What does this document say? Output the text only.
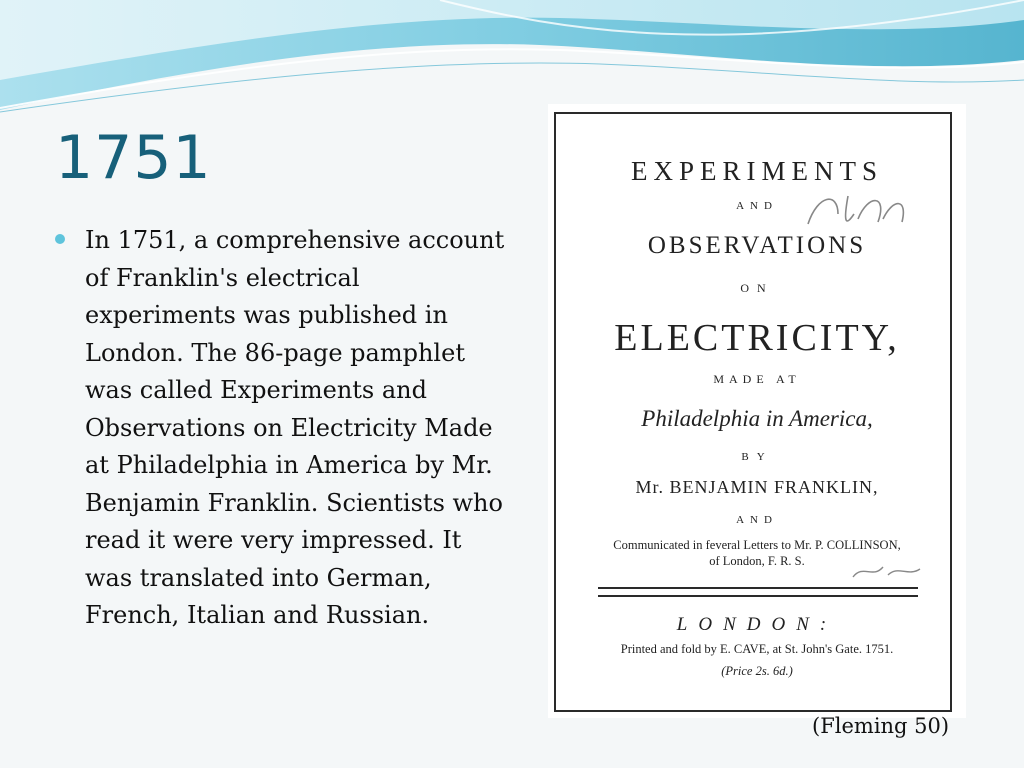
1751
In 1751, a comprehensive account of Franklin's electrical experiments was published in London. The 86-page pamphlet was called Experiments and Observations on Electricity Made at Philadelphia in America by Mr. Benjamin Franklin. Scientists who read it were very impressed. It was translated into German, French, Italian and Russian.
EXPERIMENTS
AND
OBSERVATIONS
ON
ELECTRICITY,
MADE AT
Philadelphia in America,
BY
Mr. BENJAMIN FRANKLIN,
AND
Communicated in feveral Letters to Mr. P. COLLINSON,
of London, F. R. S.
LONDON:
Printed and fold by E. CAVE, at St. John's Gate. 1751.
(Price 2s. 6d.)
(Fleming 50)
